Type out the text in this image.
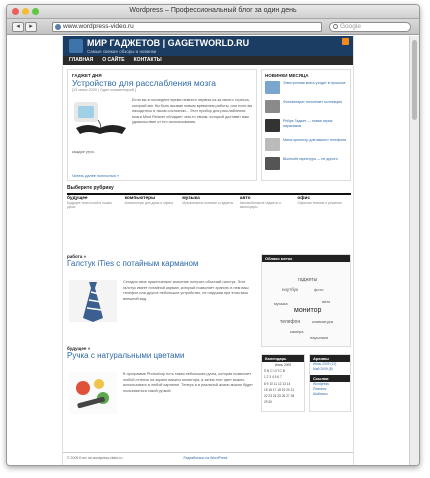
Wordpress – Профессиональный блог за один день
◂	▸	www.wordpress-video.ru	Google
МИР ГАДЖЕТОВ | GAGETWORLD.RU
Самые свежие обзоры и новинки
ГЛАВНАЯ О САЙТЕ КОНТАКТЫ
ГАДЖЕТ ДНЯ
Устройство для расслабления мозга
[13 июня 2009 | Один комментарий ]
Если вы в последнее время немного нервны из-за своего стресса, который мог бы быть вызван новым временем работы, или если вы находитесь в таком состоянии... Этот прибор для расслабления мозга Mind Relaxer обладает чем-то своим, который доставит вам удовольствие от его использования.
каждое утро.
Читать далее полностью »
НОВИНКИ МЕСЯЦА
Электронная книга уходит в прошлое
Фотоаппарат пополняет коллекцию
Philips Гаджет — новая серия наушников
Мини-проектор для вашего телефона
Bluetooth гарнитура — не дорого
Выберите рубрику
будущее
Будущее технологий в наших руках
компьютеры
Компьютеры для дома и офиса
музыка
Музыкальные новинки и гаджеты
авто
Автомобильные гаджеты и аксессуары
офис
Офисная техника и решения
работа »
Галстук iTies с потайным карманом
Сегодня свое практическое значение получил обычный галстук. Этот галстук имеет потайной карман, который позволяет хранить в нем ваш телефон или другое небольшое устройство, не нарушая при этом ваш внешний вид.
будущее »
Ручка с натуральными цветами
В программе Photoshop есть такая небольшая ручка, которая позволяет любой оттенок на экране вашего монитора, а затем этот цвет можно использовать в любой картинке. Теперь и в реальной жизни можно будет пользоваться такой ручкой.
Облако меток
гаджеты
ноутбук	фото
монитор
музыка	авто
телефон	клавиатура
камера
наушники
Календарь
Июнь 2009
П В С Ч П С В
1 2 3 4 5 6 7
8 9 10 11 12 13 14
15 16 17 18 19 20 21
22 23 24 25 26 27 28
29 30
Архивы
Июнь 2009 (12)
Май 2009 (8)
Ссылки
Wordpress
Плагины
Шаблоны
© 2009 Блог на wordpress-video.ru	Разработано на WordPress
